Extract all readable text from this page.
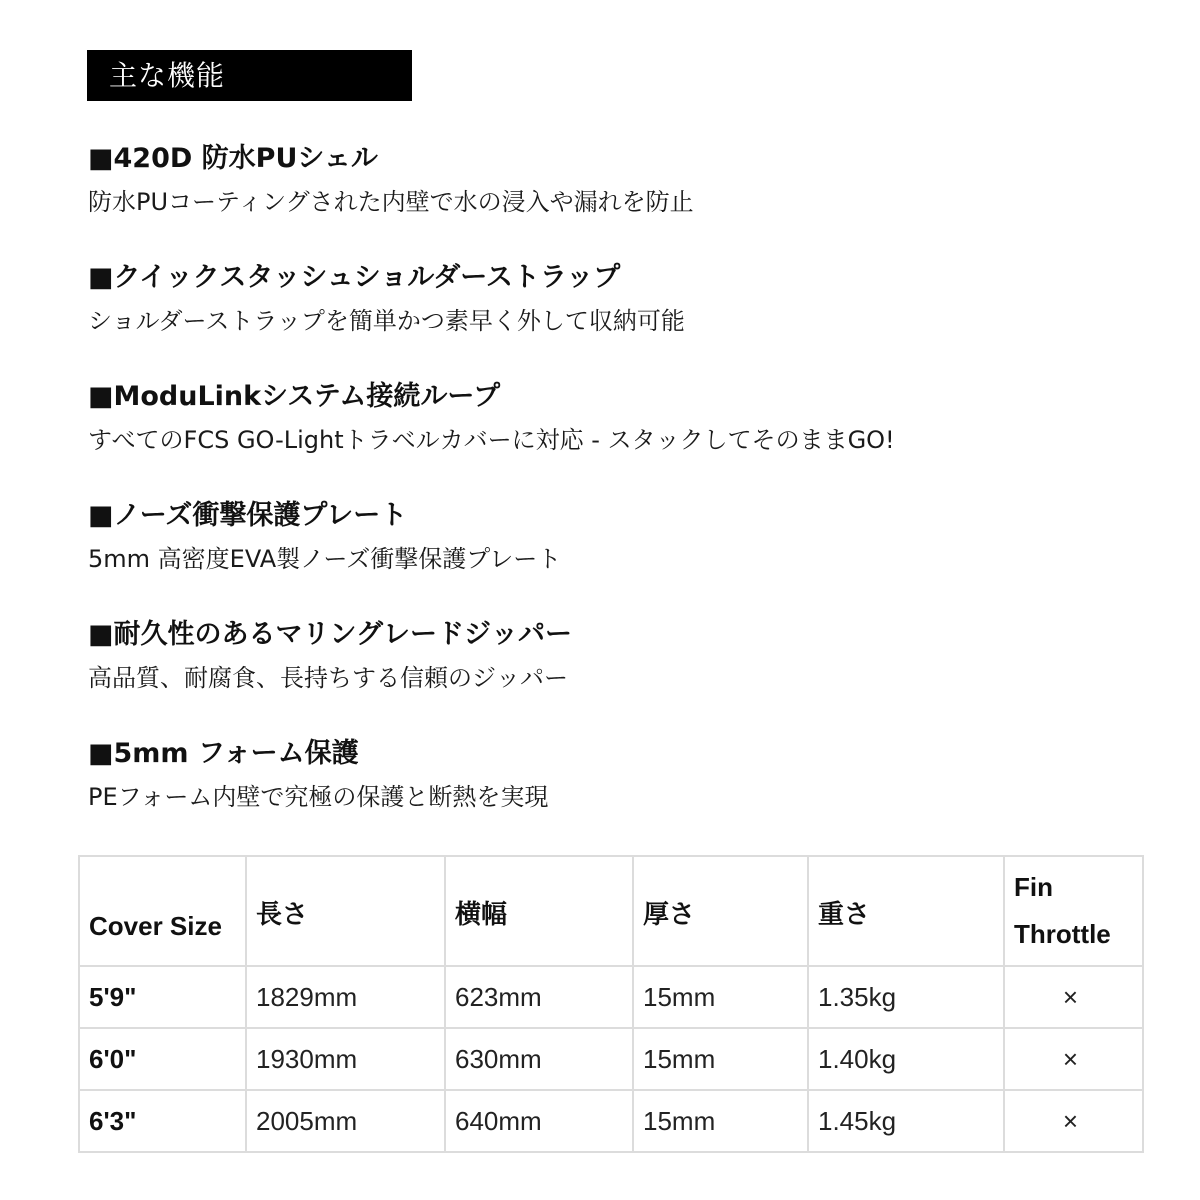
主な機能
■420D 防水PUシェル
防水PUコーティングされた内壁で水の浸入や漏れを防止
■クイックスタッシュショルダーストラップ
ショルダーストラップを簡単かつ素早く外して収納可能
■ModuLinkシステム接続ループ
すべてのFCS GO-Lightトラベルカバーに対応 - スタックしてそのままGO!
■ノーズ衝撃保護プレート
5mm 高密度EVA製ノーズ衝撃保護プレート
■耐久性のあるマリングレードジッパー
高品質、耐腐食、長持ちする信頼のジッパー
■5mm フォーム保護
PEフォーム内壁で究極の保護と断熱を実現
Cover Size	長さ	横幅	厚さ	重さ	Fin
Throttle
5'9"	1829mm	623mm	15mm	1.35kg	×
6'0"	1930mm	630mm	15mm	1.40kg	×
6'3"	2005mm	640mm	15mm	1.45kg	×
